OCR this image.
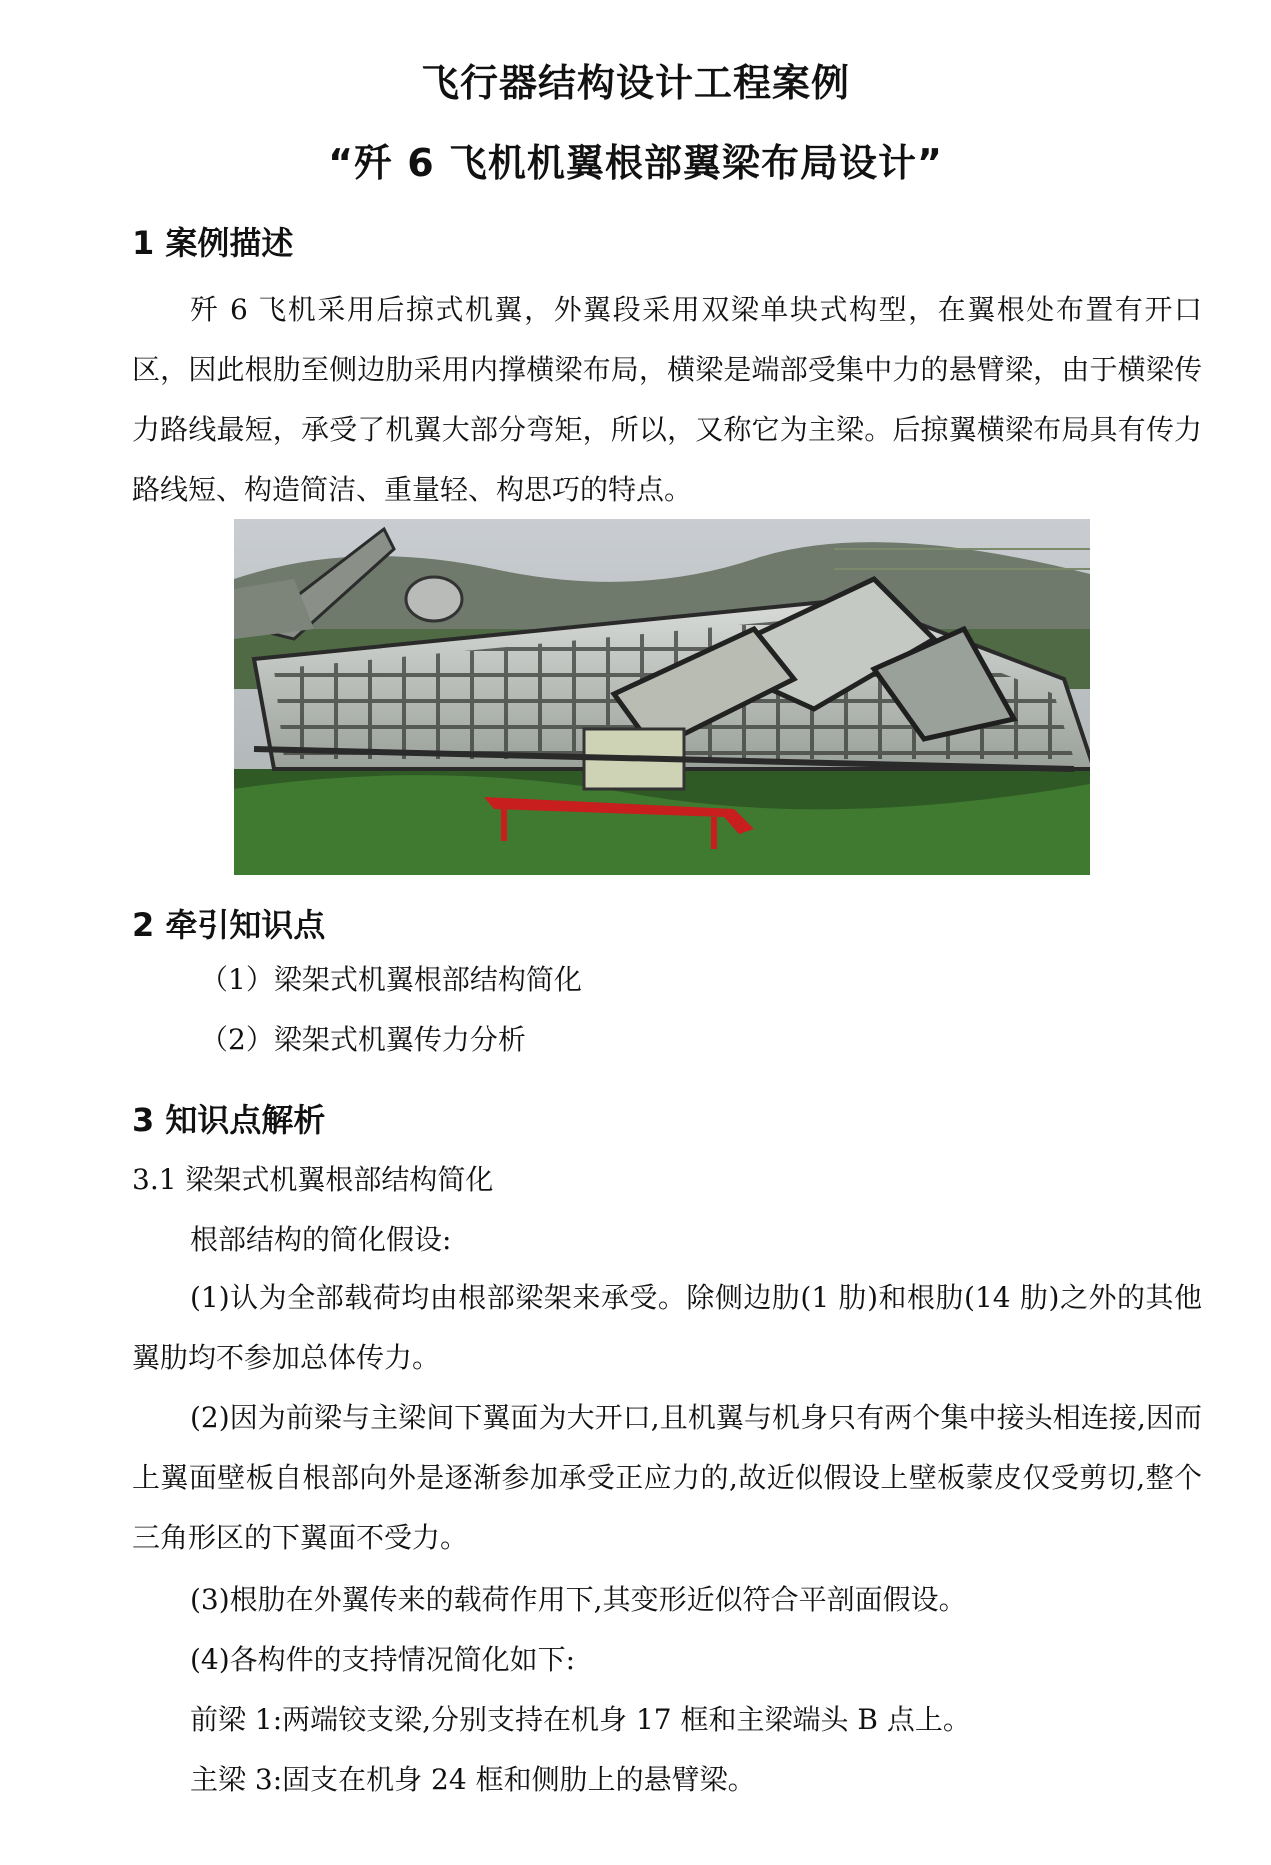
飞行器结构设计工程案例
“歼 6 飞机机翼根部翼梁布局设计”
1 案例描述
歼 6 飞机采用后掠式机翼，外翼段采用双梁单块式构型，在翼根处布置有开口区，因此根肋至侧边肋采用内撑横梁布局，横梁是端部受集中力的悬臂梁，由于横梁传力路线最短，承受了机翼大部分弯矩，所以，又称它为主梁。后掠翼横梁布局具有传力路线短、构造简洁、重量轻、构思巧的特点。
2 牵引知识点
（1）梁架式机翼根部结构简化
（2）梁架式机翼传力分析
3 知识点解析
3.1 梁架式机翼根部结构简化
根部结构的简化假设:
(1)认为全部载荷均由根部梁架来承受。除侧边肋(1 肋)和根肋(14 肋)之外的其他翼肋均不参加总体传力。
(2)因为前梁与主梁间下翼面为大开口,且机翼与机身只有两个集中接头相连接,因而上翼面壁板自根部向外是逐渐参加承受正应力的,故近似假设上壁板蒙皮仅受剪切,整个三角形区的下翼面不受力。
(3)根肋在外翼传来的载荷作用下,其变形近似符合平剖面假设。
(4)各构件的支持情况简化如下:
前梁 1:两端铰支梁,分别支持在机身 17 框和主梁端头 B 点上。
主梁 3:固支在机身 24 框和侧肋上的悬臂梁。
